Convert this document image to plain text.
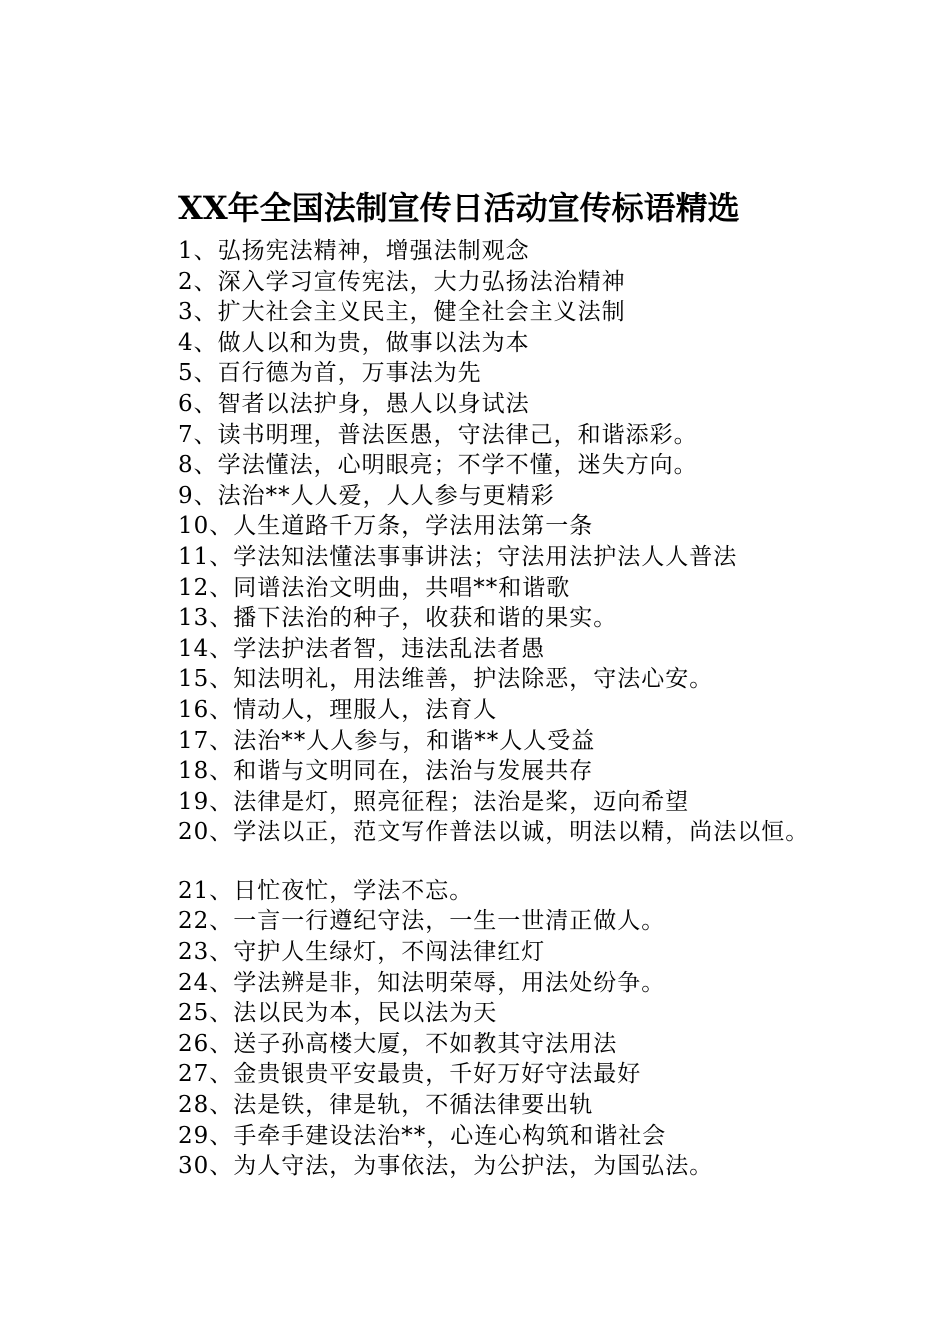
XX年全国法制宣传日活动宣传标语精选
1、弘扬宪法精神，增强法制观念
2、深入学习宣传宪法，大力弘扬法治精神
3、扩大社会主义民主，健全社会主义法制
4、做人以和为贵，做事以法为本
5、百行德为首，万事法为先
6、智者以法护身，愚人以身试法
7、读书明理，普法医愚，守法律己，和谐添彩。
8、学法懂法，心明眼亮；不学不懂，迷失方向。
9、法治**人人爱，人人参与更精彩
10、人生道路千万条，学法用法第一条
11、学法知法懂法事事讲法；守法用法护法人人普法
12、同谱法治文明曲，共唱**和谐歌
13、播下法治的种子，收获和谐的果实。
14、学法护法者智，违法乱法者愚
15、知法明礼，用法维善，护法除恶，守法心安。
16、情动人，理服人，法育人
17、法治**人人参与，和谐**人人受益
18、和谐与文明同在，法治与发展共存
19、法律是灯，照亮征程；法治是桨，迈向希望
20、学法以正，范文写作普法以诚，明法以精，尚法以恒。
21、日忙夜忙，学法不忘。
22、一言一行遵纪守法，一生一世清正做人。
23、守护人生绿灯，不闯法律红灯
24、学法辨是非，知法明荣辱，用法处纷争。
25、法以民为本，民以法为天
26、送子孙高楼大厦，不如教其守法用法
27、金贵银贵平安最贵，千好万好守法最好
28、法是铁，律是轨，不循法律要出轨
29、手牵手建设法治**，心连心构筑和谐社会
30、为人守法，为事依法，为公护法，为国弘法。
